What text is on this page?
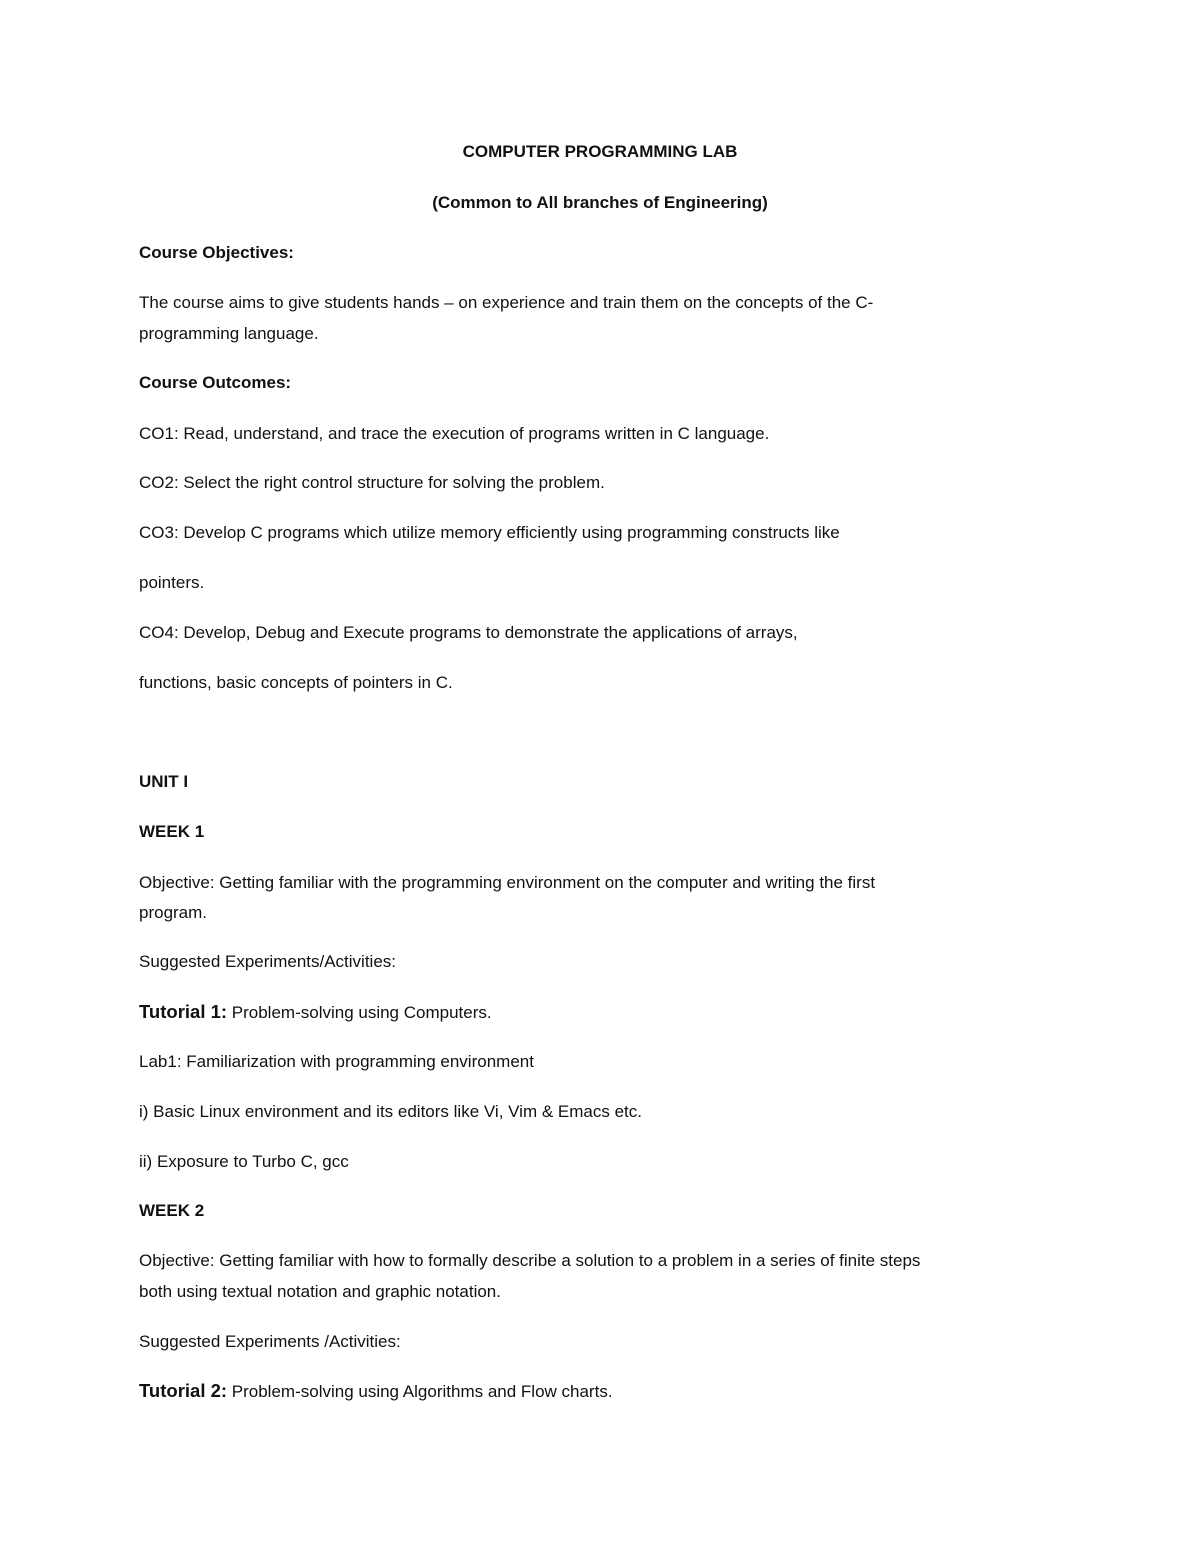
COMPUTER PROGRAMMING LAB

(Common to All branches of Engineering)

Course Objectives:

The course aims to give students hands – on experience and train them on the concepts of the C-

programming language.

Course Outcomes:

CO1: Read, understand, and trace the execution of programs written in C language.

CO2: Select the right control structure for solving the problem.

CO3: Develop C programs which utilize memory efficiently using programming constructs like

pointers.

CO4: Develop, Debug and Execute programs to demonstrate the applications of arrays,

functions, basic concepts of pointers in C.

UNIT I

WEEK 1

Objective: Getting familiar with the programming environment on the computer and writing the first

program.

Suggested Experiments/Activities:

Tutorial 1: Problem-solving using Computers.

Lab1: Familiarization with programming environment

i) Basic Linux environment and its editors like Vi, Vim & Emacs etc.

ii) Exposure to Turbo C, gcc

WEEK 2

Objective: Getting familiar with how to formally describe a solution to a problem in a series of finite steps

both using textual notation and graphic notation.

Suggested Experiments /Activities:

Tutorial 2: Problem-solving using Algorithms and Flow charts.
